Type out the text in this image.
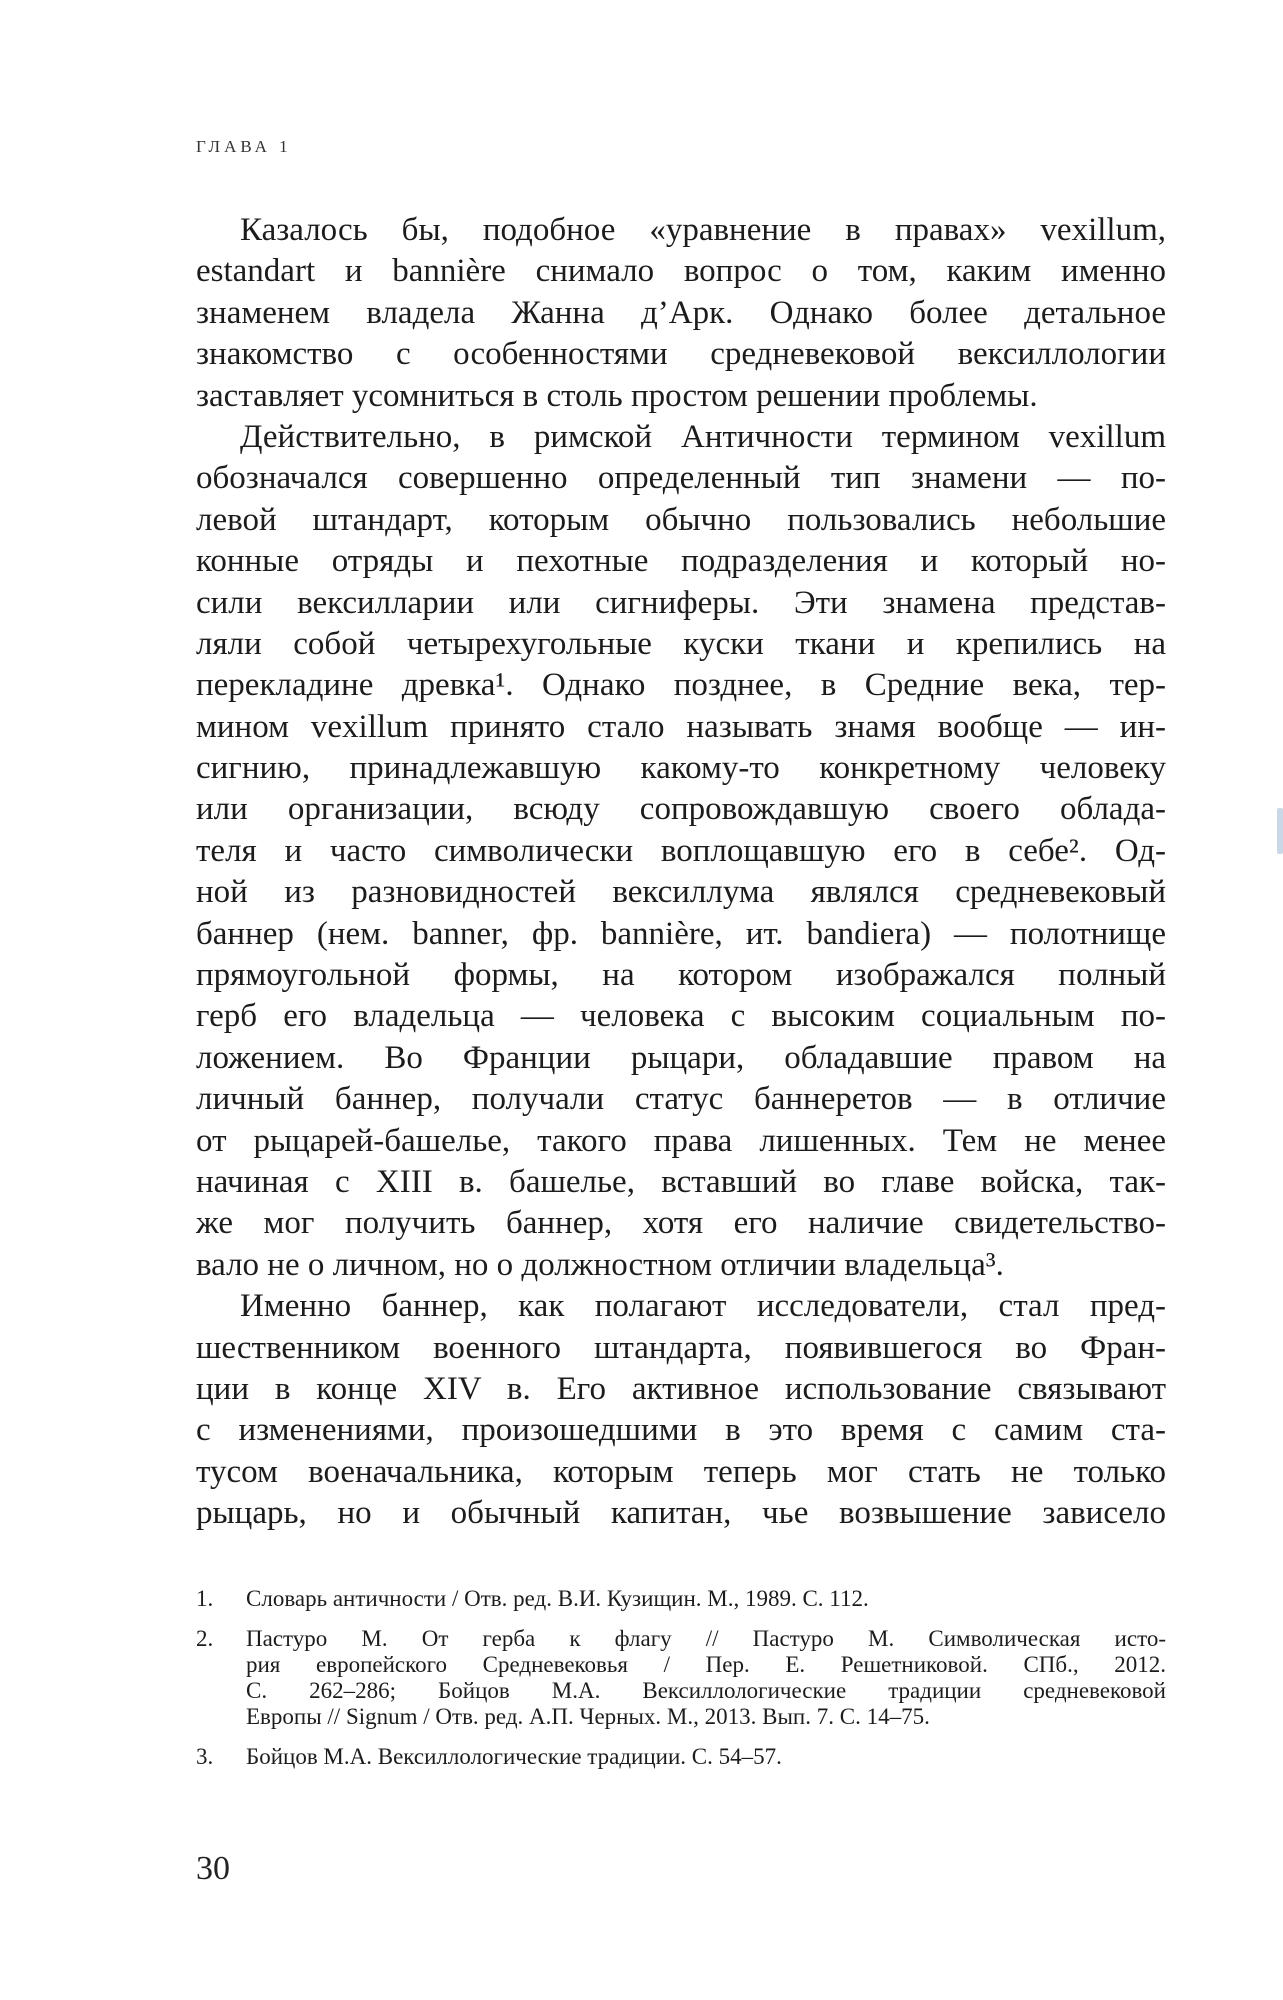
ГЛАВА 1
Казалось бы, подобное «уравнение в правах» vexillum,
estandart и bannière снимало вопрос о том, каким именно
знаменем владела Жанна д’Арк. Однако более детальное
знакомство с особенностями средневековой вексиллологии
заставляет усомниться в столь простом решении проблемы.
Действительно, в римской Античности термином vexillum
обозначался совершенно определенный тип знамени — по-
левой штандарт, которым обычно пользовались небольшие
конные отряды и пехотные подразделения и который но-
сили вексилларии или сигниферы. Эти знамена представ-
ляли собой четырехугольные куски ткани и крепились на
перекладине древка¹. Однако позднее, в Средние века, тер-
мином vexillum принято стало называть знамя вообще — ин-
сигнию, принадлежавшую какому-то конкретному человеку
или организации, всюду сопровождавшую своего облада-
теля и часто символически воплощавшую его в себе². Од-
ной из разновидностей вексиллума являлся средневековый
баннер (нем. banner, фр. bannière, ит. bandiera) — полотнище
прямоугольной формы, на котором изображался полный
герб его владельца — человека с высоким социальным по-
ложением. Во Франции рыцари, обладавшие правом на
личный баннер, получали статус баннеретов — в отличие
от рыцарей-башелье, такого права лишенных. Тем не менее
начиная с XIII в. башелье, вставший во главе войска, так-
же мог получить баннер, хотя его наличие свидетельство-
вало не о личном, но о должностном отличии владельца³.
Именно баннер, как полагают исследователи, стал пред-
шественником военного штандарта, появившегося во Фран-
ции в конце XIV в. Его активное использование связывают
с изменениями, произошедшими в это время с самим ста-
тусом военачальника, которым теперь мог стать не только
рыцарь, но и обычный капитан, чье возвышение зависело
1. Словарь античности / Отв. ред. В.И. Кузищин. М., 1989. С. 112.
2. Пастуро М. От герба к флагу // Пастуро М. Символическая исто-
рия европейского Средневековья / Пер. Е. Решетниковой. СПб., 2012.
С. 262–286; Бойцов М.А. Вексиллологические традиции средневековой
Европы // Signum / Отв. ред. А.П. Черных. М., 2013. Вып. 7. С. 14–75.
3. Бойцов М.А. Вексиллологические традиции. С. 54–57.
30
